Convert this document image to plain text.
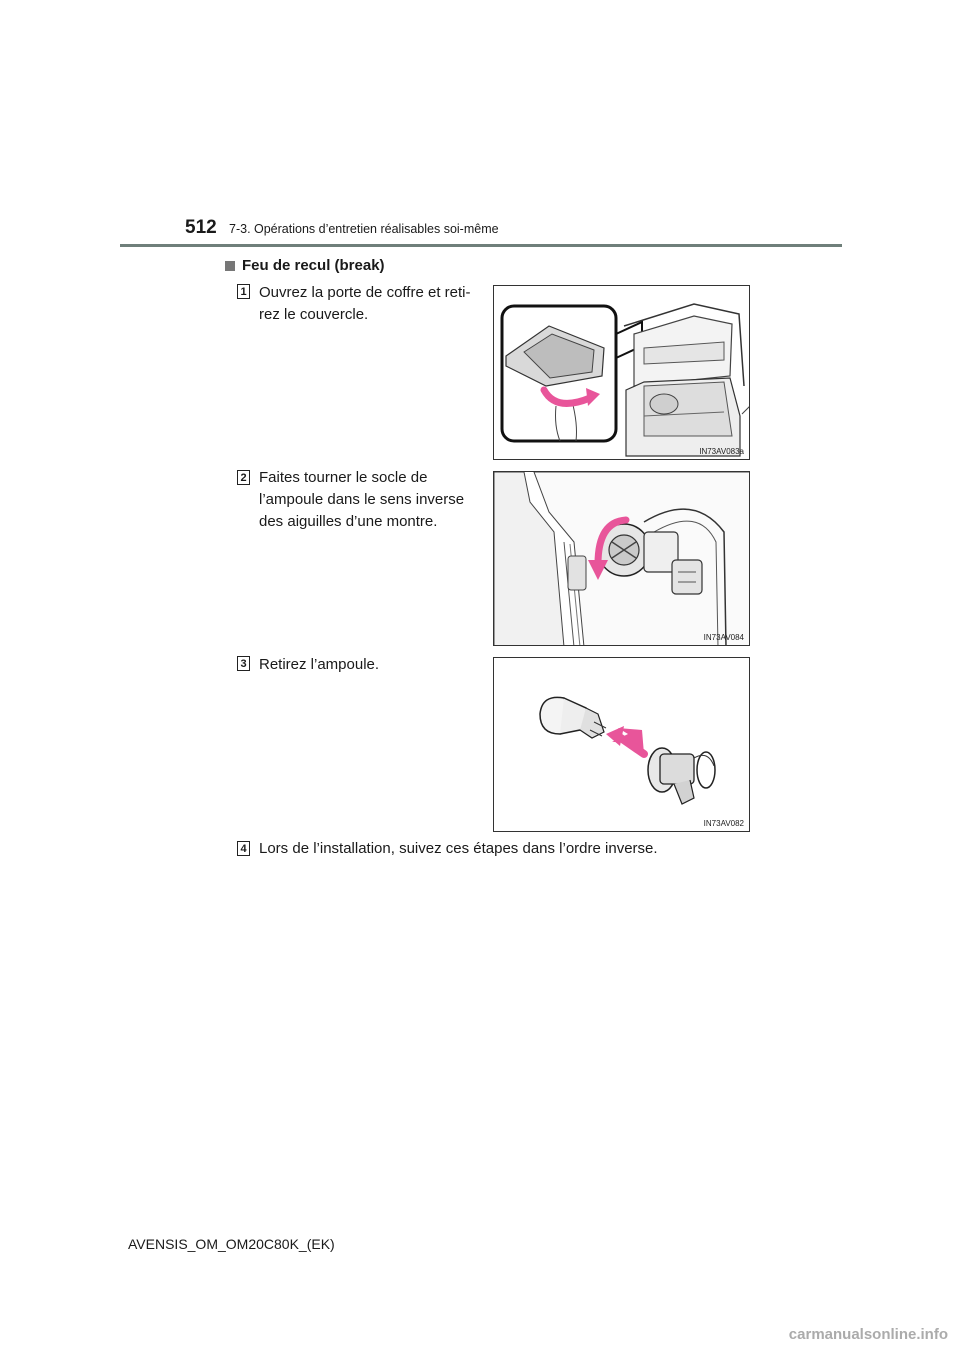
512 7-3. Opérations d’entretien réalisables soi-même
Feu de recul (break)
1 Ouvrez la porte de coffre et reti-
rez le couvercle.
IN73AV083a
2 Faites tourner le socle de
l’ampoule dans le sens inverse
des aiguilles d’une montre.
IN73AV084
3 Retirez l’ampoule.
IN73AV082
4 Lors de l’installation, suivez ces étapes dans l’ordre inverse.
AVENSIS_OM_OM20C80K_(EK)
carmanualsonline.info
